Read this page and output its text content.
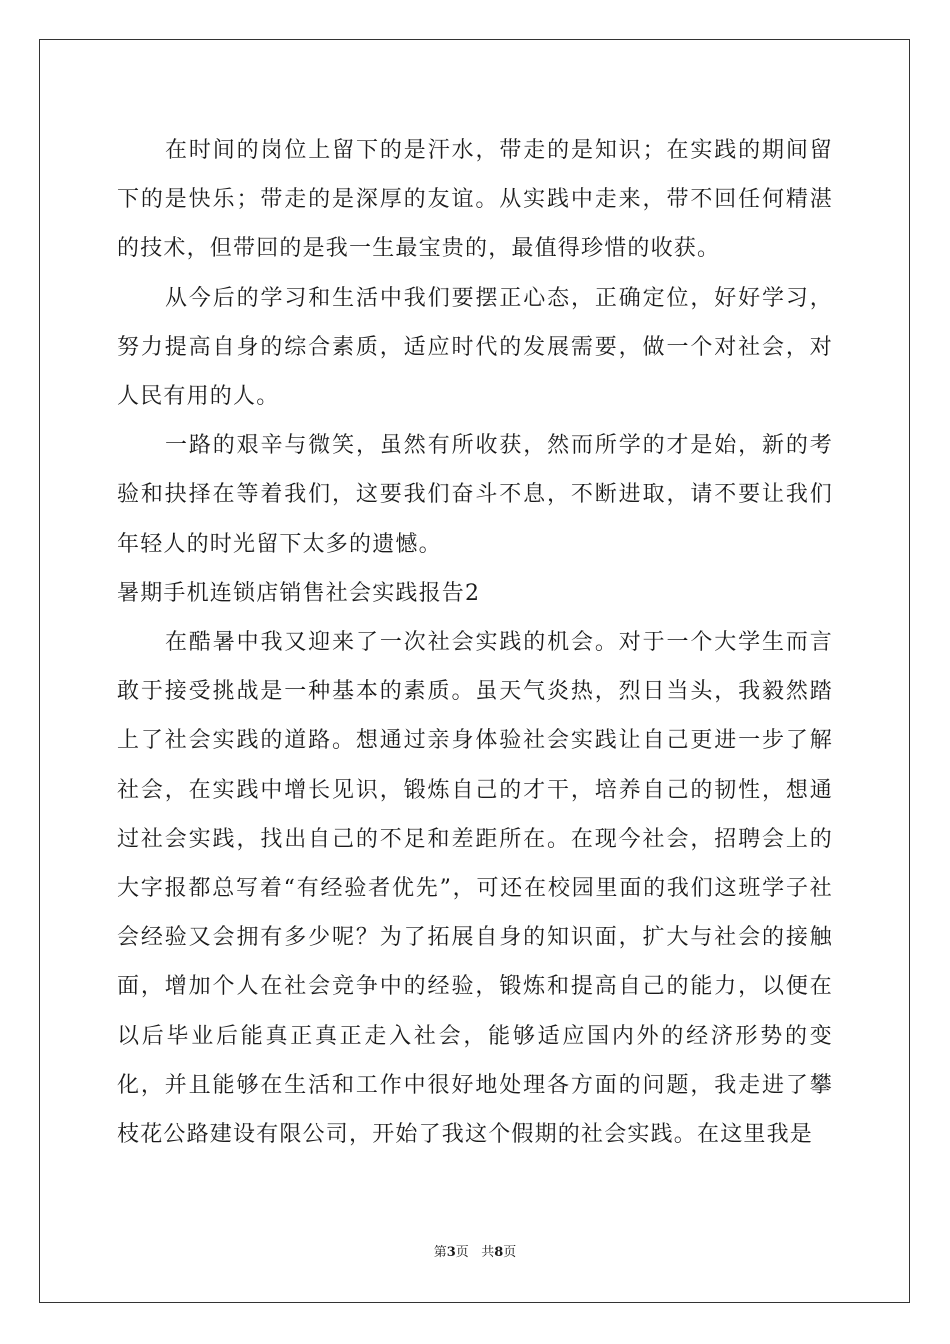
在时间的岗位上留下的是汗水，带走的是知识；在实践的期间留下的是快乐；带走的是深厚的友谊。从实践中走来，带不回任何精湛的技术，但带回的是我一生最宝贵的，最值得珍惜的收获。

从今后的学习和生活中我们要摆正心态，正确定位，好好学习，努力提高自身的综合素质，适应时代的发展需要，做一个对社会，对人民有用的人。

一路的艰辛与微笑，虽然有所收获，然而所学的才是始，新的考验和抉择在等着我们，这要我们奋斗不息，不断进取，请不要让我们年轻人的时光留下太多的遗憾。

暑期手机连锁店销售社会实践报告2

在酷暑中我又迎来了一次社会实践的机会。对于一个大学生而言敢于接受挑战是一种基本的素质。虽天气炎热，烈日当头，我毅然踏上了社会实践的道路。想通过亲身体验社会实践让自己更进一步了解社会，在实践中增长见识，锻炼自己的才干，培养自己的韧性，想通过社会实践，找出自己的不足和差距所在。在现今社会，招聘会上的大字报都总写着“有经验者优先”，可还在校园里面的我们这班学子社会经验又会拥有多少呢？为了拓展自身的知识面，扩大与社会的接触面，增加个人在社会竞争中的经验，锻炼和提高自己的能力，以便在以后毕业后能真正真正走入社会，能够适应国内外的经济形势的变化，并且能够在生活和工作中很好地处理各方面的问题，我走进了攀枝花公路建设有限公司，开始了我这个假期的社会实践。在这里我是

第3页 共8页
